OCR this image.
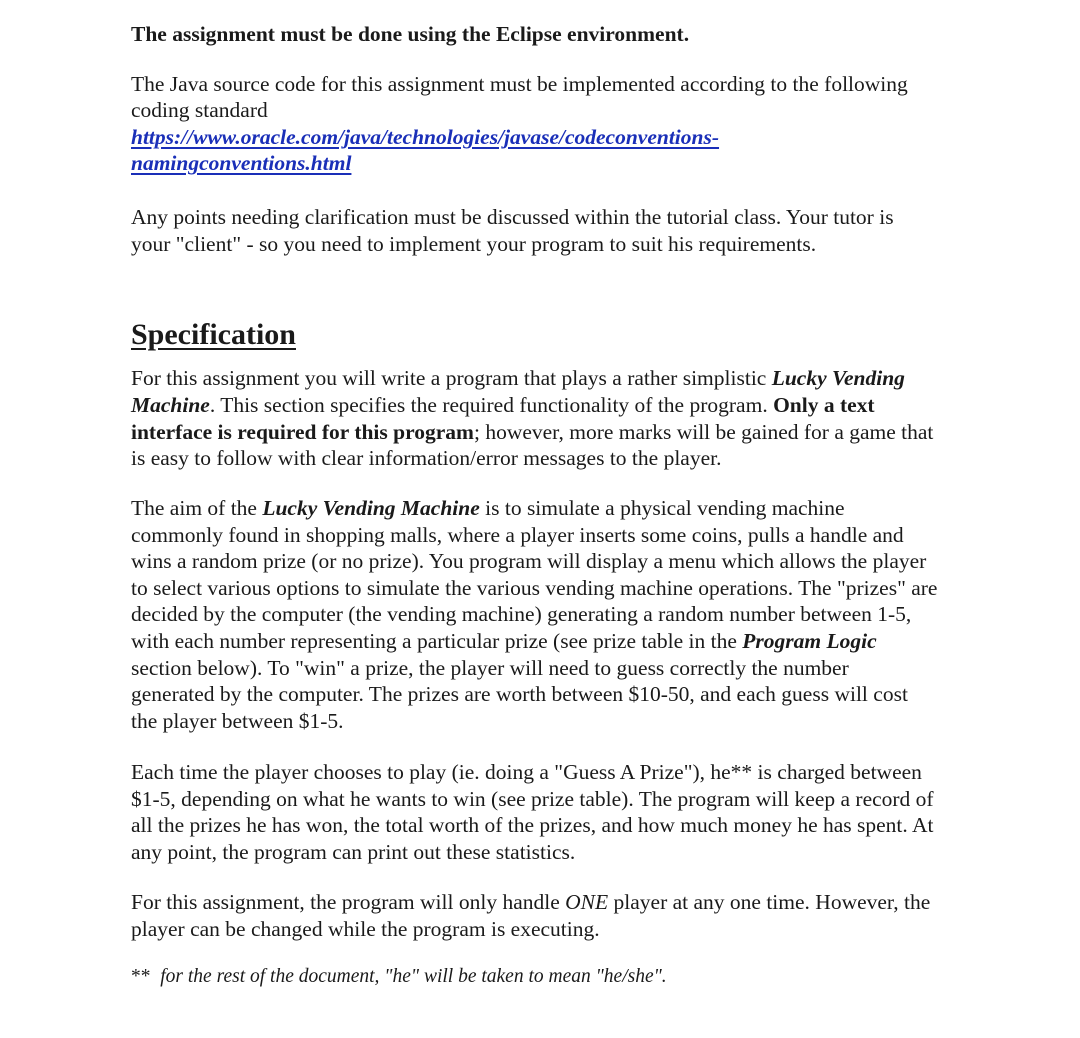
The assignment must be done using the Eclipse environment.
The Java source code for this assignment must be implemented according to the following
coding standard
https://www.oracle.com/java/technologies/javase/codeconventions-
namingconventions.html
Any points needing clarification must be discussed within the tutorial class. Your tutor is
your "client" - so you need to implement your program to suit his requirements.
Specification
For this assignment you will write a program that plays a rather simplistic Lucky Vending
Machine. This section specifies the required functionality of the program. Only a text
interface is required for this program; however, more marks will be gained for a game that
is easy to follow with clear information/error messages to the player.
The aim of the Lucky Vending Machine is to simulate a physical vending machine
commonly found in shopping malls, where a player inserts some coins, pulls a handle and
wins a random prize (or no prize). You program will display a menu which allows the player
to select various options to simulate the various vending machine operations. The "prizes" are
decided by the computer (the vending machine) generating a random number between 1-5,
with each number representing a particular prize (see prize table in the Program Logic
section below). To "win" a prize, the player will need to guess correctly the number
generated by the computer. The prizes are worth between $10-50, and each guess will cost
the player between $1-5.
Each time the player chooses to play (ie. doing a "Guess A Prize"), he** is charged between
$1-5, depending on what he wants to win (see prize table). The program will keep a record of
all the prizes he has won, the total worth of the prizes, and how much money he has spent. At
any point, the program can print out these statistics.
For this assignment, the program will only handle ONE player at any one time. However, the
player can be changed while the program is executing.
** for the rest of the document, "he" will be taken to mean "he/she".
